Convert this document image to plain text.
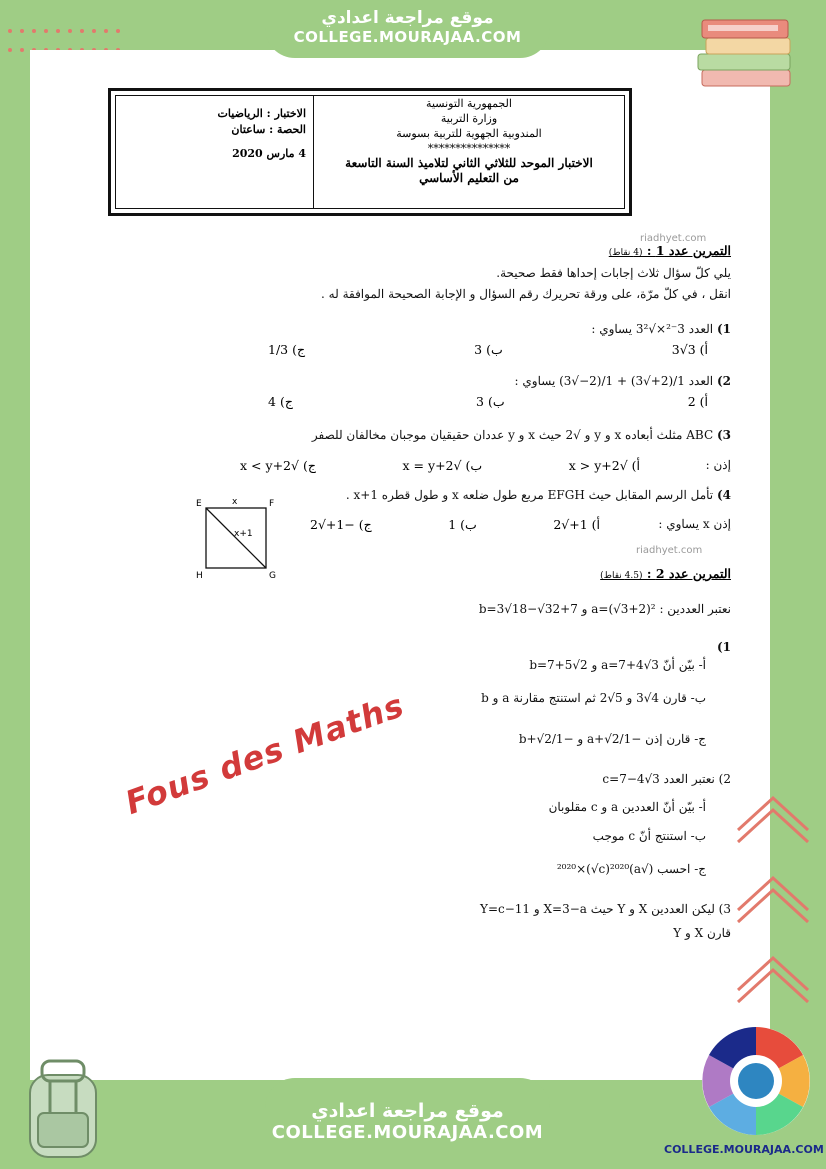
موقع مراجعة اعدادي
COLLEGE.MOURAJAA.COM
الجمهورية التونسية
وزارة التربية
المندوبية الجهوية للتربية بسوسة
***************
الاختبار الموحد للثلاثي الثاني لتلاميذ السنة التاسعة
من التعليم الأساسي
الاختبار : الرياضيات
الحصة : ساعتان
4 مارس 2020
riadhyet.com
التمرين عدد 1 : (4 نقاط)
يلي كلّ سؤال ثلاث إجابات إحداها فقط صحيحة.
انقل ، في كلّ مرّة، على ورقة تحريرك رقم السؤال و الإجابة الصحيحة الموافقة له .
1) العدد 3⁻²×√3² يساوي :
أ) 3√3
ب) 3
ج) 1/3
2) العدد 1/(2+√3) + 1/(2−√3) يساوي :
أ) 2
ب) 3
ج) 4
3) ABC مثلث أبعاده x و y و √2 حيث x و y عددان حقيقيان موجبان مخالفان للصفر
إذن :
أ) √2+x > y
ب) √2+x = y
ج) √2+x < y
4) تأمل الرسم المقابل حيث EFGH مربع طول ضلعه x و طول قطره x+1 .
إذن x يساوي :
أ) 1+√2
ب) 1
ج) −1+√2
E	F
G
H
x
x+1
riadhyet.com
التمرين عدد 2 : (4.5 نقاط)
نعتبر العددين : a=(√3+2)² و b=3√18−√32+7
1)
أ- بيّن أنّ a=7+4√3 و b=7+5√2
ب- قارن 4√3 و 5√2 ثم استنتج مقارنة a و b
ج- قارن إذن −1/a+√2 و −1/b+√2
2) نعتبر العدد c=7−4√3
أ- بيّن أنّ العددين a و c مقلوبان
ب- استنتج أنّ c موجب
ج- احسب (√a)²⁰²⁰×(√c)²⁰²⁰
3) ليكن العددين X و Y حيث X=3−a و Y=c−11
قارن X و Y
Fous des Maths
موقع مراجعة اعدادي
COLLEGE.MOURAJAA.COM
COLLEGE.MOURAJAA.COM
